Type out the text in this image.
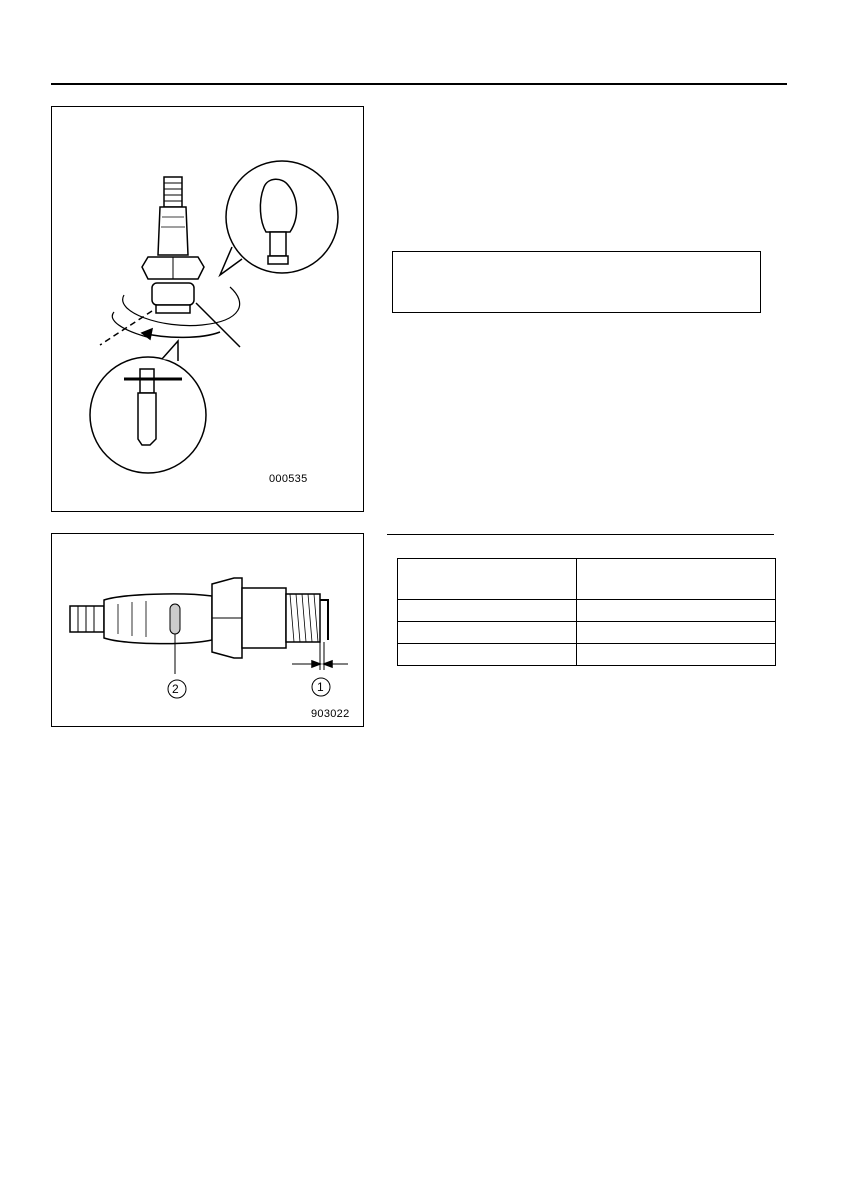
000535
2	1
903022
